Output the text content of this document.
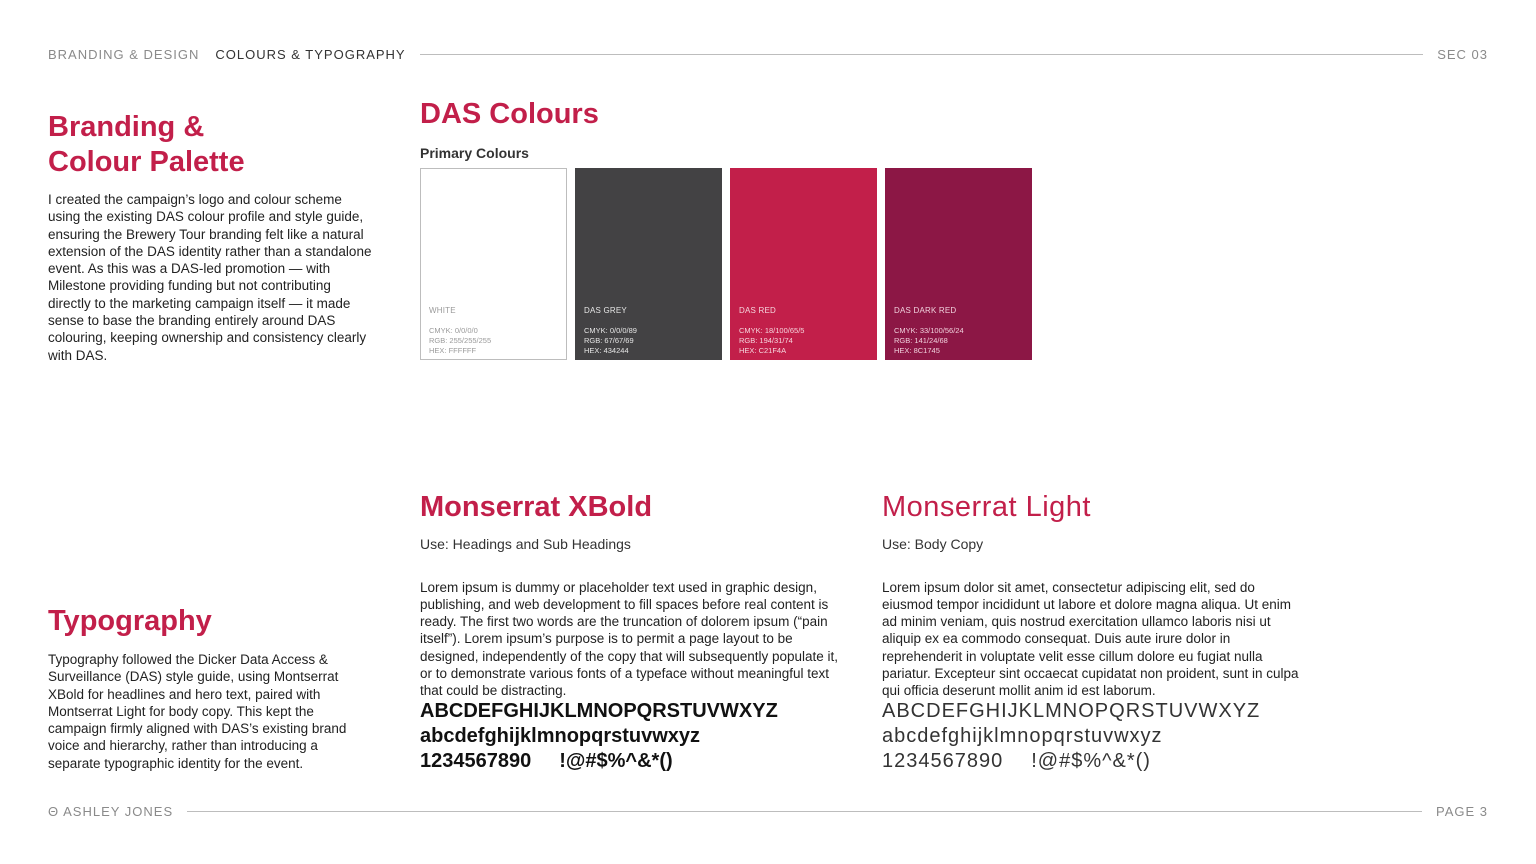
BRANDING & DESIGN COLOURS & TYPOGRAPHY	SEC 03
Branding &
Colour Palette

I created the campaign’s logo and colour scheme using the existing DAS colour profile and style guide, ensuring the Brewery Tour branding felt like a natural extension of the DAS identity rather than a standalone event. As this was a DAS-led promotion — with Milestone providing funding but not contributing directly to the marketing campaign itself — it made sense to base the branding entirely around DAS colouring, keeping ownership and consistency clearly with DAS.

Typography

Typography followed the Dicker Data Access & Surveillance (DAS) style guide, using Montserrat XBold for headlines and hero text, paired with Montserrat Light for body copy. This kept the campaign firmly aligned with DAS’s existing brand voice and hierarchy, rather than introducing a separate typographic identity for the event.

DAS Colours
Primary Colours
WHITE
CMYK: 0/0/0/0
RGB: 255/255/255
HEX: FFFFFF
DAS GREY
CMYK: 0/0/0/89
RGB: 67/67/69
HEX: 434244
DAS RED
CMYK: 18/100/65/5
RGB: 194/31/74
HEX: C21F4A
DAS DARK RED
CMYK: 33/100/56/24
RGB: 141/24/68
HEX: 8C1745
Monserrat XBold
Use: Headings and Sub Headings

Lorem ipsum is dummy or placeholder text used in graphic design, publishing, and web development to fill spaces before real content is ready. The first two words are the truncation of dolorem ipsum (“pain itself”). Lorem ipsum’s purpose is to permit a page layout to be designed, independently of the copy that will subsequently populate it, or to demonstrate various fonts of a typeface without meaningful text that could be distracting.

ABCDEFGHIJKLMNOPQRSTUVWXYZ
abcdefghijklmnopqrstuvwxyz
1234567890 !@#$%^&*()
Monserrat Light
Use: Body Copy

Lorem ipsum dolor sit amet, consectetur adipiscing elit, sed do eiusmod tempor incididunt ut labore et dolore magna aliqua. Ut enim ad minim veniam, quis nostrud exercitation ullamco laboris nisi ut aliquip ex ea commodo consequat. Duis aute irure dolor in reprehenderit in voluptate velit esse cillum dolore eu fugiat nulla pariatur. Excepteur sint occaecat cupidatat non proident, sunt in culpa qui officia deserunt mollit anim id est laborum.

ABCDEFGHIJKLMNOPQRSTUVWXYZ
abcdefghijklmnopqrstuvwxyz
1234567890 !@#$%^&*()
Θ ASHLEY JONES	PAGE 3
